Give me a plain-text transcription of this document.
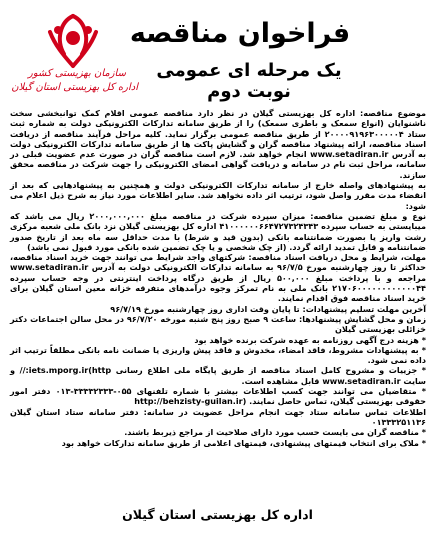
سازمان بهزیستی کشور
اداره کل بهزیستی استان گیلان
فراخوان مناقصه
یک مرحله ای عمومی نوبت دوم

موضوع مناقصه: اداره کل بهزیستی گیلان در نظر دارد مناقصه عمومی اقلام کمک توانبخشی سخت ناشنوایان (انواع سمعک و باطری سمعک) را از طریق سامانه تدارکات الکترونیکی دولت به شماره ثبت ستاد ۲۰۰۰۰۹۱۹۶۳۰۰۰۰۰۴ از طریق مناقصه عمومی برگزار نماید. کلیه مراحل فرآیند مناقصه از دریافت اسناد مناقصه، ارائه پیشنهاد مناقصه گران و گشایش پاکت ها از طریق سامانه تدارکات الکترونیکی دولت به آدرس www.setadiran.ir انجام خواهد شد. لازم است مناقصه گران در صورت عدم عضویت قبلی در سامانه، مراحل ثبت نام در سامانه و دریافت گواهی امضای الکترونیکی را جهت شرکت در مناقصه محقق سازند.

به پیشنهادهای واصله خارج از سامانه تدارکات الکترونیکی دولت و همچنین به پیشنهادهایی که بعد از انقضاء مدت مقرر واصل شود، ترتیب اثر داده نخواهد شد. سایر اطلاعات مورد نیاز به شرح ذیل اعلام می شود:

نوع و مبلغ تضمین مناقصه: میزان سپرده شرکت در مناقصه مبلغ ۲۰۰۰,۰۰۰,۰۰۰ ریال می باشد که میبایستی به حساب سپرده ۴۱۰۰۰۰۰۰۶۶۴۷۲۷۳۲۴۳۴۳ اداره کل بهزیستی گیلان نزد بانک ملی شعبه مرکزی رشت واریز یا بصورت ضمانتنامه بانکی (بدون قید و شرط) با مدت حداقل سه ماه بعد از تاریخ صدور ضمانتنامه و قابل تمدید ارائه گردد. (از چک شخصی و یا چک تضمین شده بانکی مورد قبول نمی باشد)

مهلت، شرایط و محل دریافت اسناد مناقصه: شرکتهای واجد شرایط می توانند جهت خرید اسناد مناقصه، حداکثر تا روز چهارشنبه مورخ ۹۶/۷/۵ به سامانه تدارکات الکترونیکی دولت به آدرس www.setadiran.ir مراجعه و با پرداخت مبلغ ۵۰۰,۰۰۰ ریال از طریق درگاه پرداخت اینترنتی در وجه حساب سپرده ۲۱۷۰۶۰۰۰۰۰۰۰۰۰۰۰۰۴۴ بانک ملی به نام تمرکز وجوه درآمدهای متفرقه خزانه معین استان گیلان برای خرید اسناد مناقصه فوق اقدام نمایند.

آخرین مهلت تسلیم پیشنهادات: تا پایان وقت اداری روز چهارشنبه مورخ ۹۶/۷/۱۹

زمان و محل گشایش پیشنهادها: ساعت ۹ صبح روز پنج شنبه مورخه ۹۶/۷/۲۰ در محل سالن اجتماعات دکتر خزائلی بهزیستی گیلان

* هزینه درج آگهی روزنامه به عهده شرکت برنده خواهد بود
* به پیشنهادات مشروط، فاقد امضاء، مخدوش و فاقد پیش واریزی یا ضمانت نامه بانکی مطلقاً ترتیب اثر داده نمی شود.
* جزییات و مشروح کامل اسناد مناقصه از طریق پایگاه ملی اطلاع رسانی iets.mporg.ir(http:// و سایت www.setadiran.ir قابل مشاهده است.
* متقاضیان می توانند جهت کسب اطلاعات بیشتر با شماره تلفنهای ۰۵۵-۳۳۳۳۲۳۳۳-۰۱۳ دفتر امور حقوقی بهزیستی گیلان، تماس حاصل نمایند. (http://behzisty-guilan.ir

اطلاعات تماس سامانه ستاد جهت انجام مراحل عضویت در سامانه: دفتر سامانه ستاد استان گیلان ۰۱۳۳۳۲۵۱۱۳۶

* مناقصه گران می بایست حسب مورد دارای صلاحیت از مراجع ذیربط باشند.
* ملاک برای انتخاب قیمتهای پیشنهادی، قیمتهای اعلامی از طریق سامانه تدارکات خواهد بود

اداره کل بهزیستی استان گیلان
